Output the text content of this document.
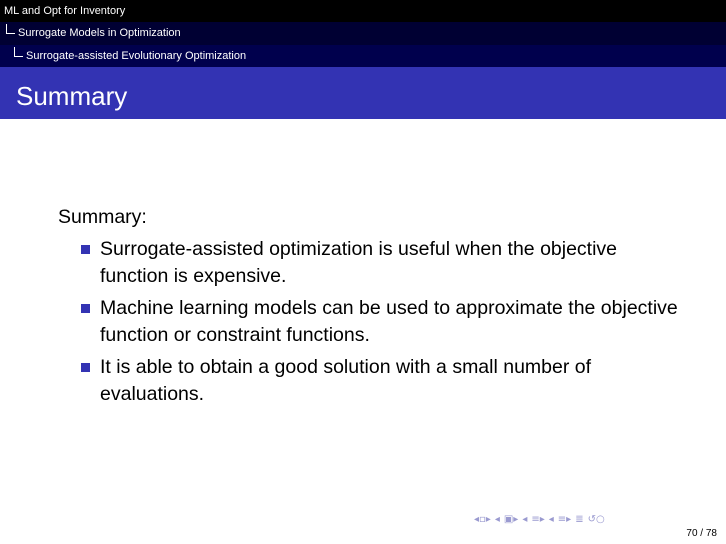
ML and Opt for Inventory
Surrogate Models in Optimization
Surrogate-assisted Evolutionary Optimization
Summary
Summary:
Surrogate-assisted optimization is useful when the objective function is expensive.
Machine learning models can be used to approximate the objective function or constraint functions.
It is able to obtain a good solution with a small number of evaluations.
◂▫▸ ◂ ▣▸ ◂ ≡▸ ◂ ≡▸ ≣ ↺○
70 / 78
